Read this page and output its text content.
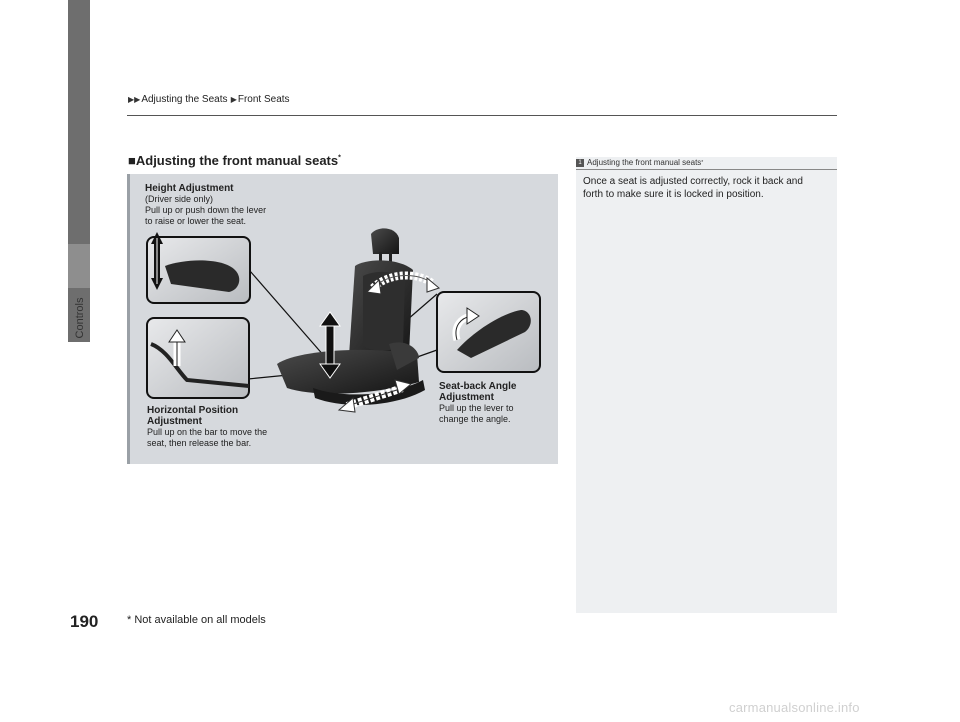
▶▶ Adjusting the Seats ▶ Front Seats
Controls
190
■Adjusting the front manual seats*
Height Adjustment
(Driver side only)
Pull up or push down the lever
to raise or lower the seat.
Horizontal Position
Adjustment
Pull up on the bar to move the
seat, then release the bar.
Seat-back Angle
Adjustment
Pull up the lever to
change the angle.
1 Adjusting the front manual seats *
Once a seat is adjusted correctly, rock it back and forth to make sure it is locked in position.
* Not available on all models
carmanualsonline.info
